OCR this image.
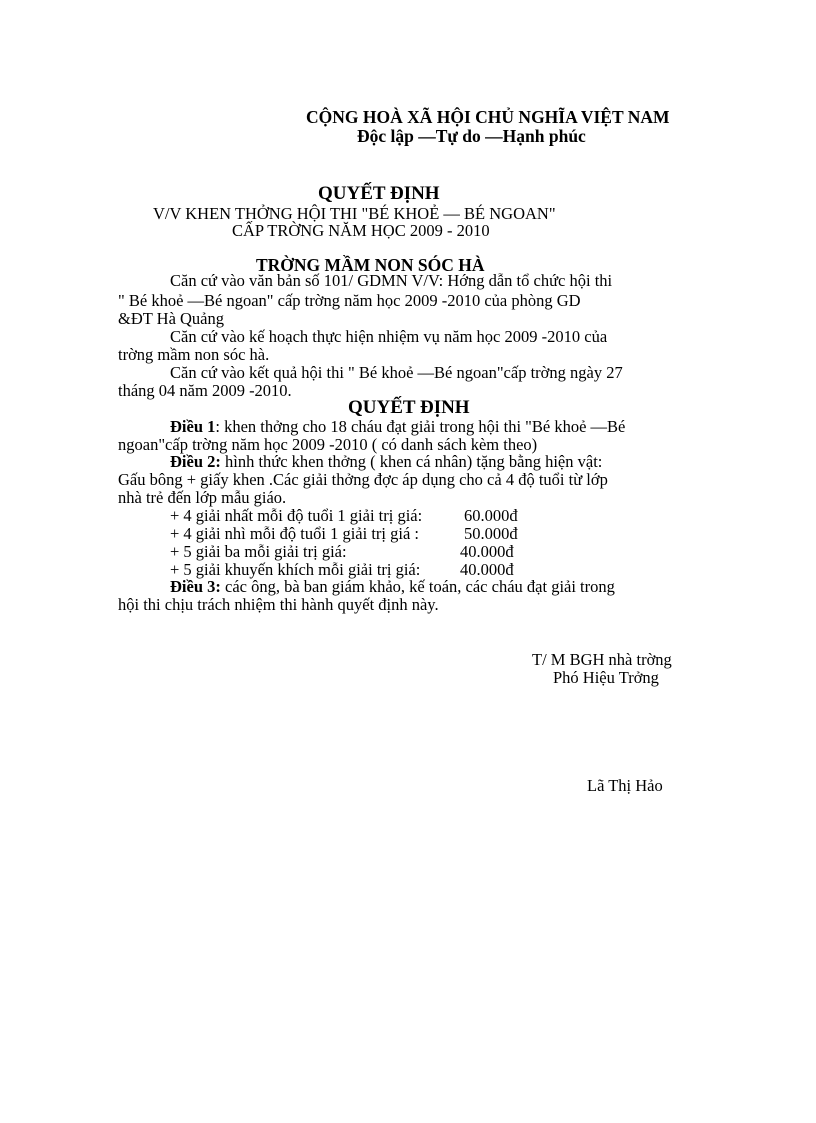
CỘNG HOÀ XÃ HỘI CHỦ NGHĨA VIỆT NAM
Độc lập —Tự do —Hạnh phúc
QUYẾT ĐỊNH
V/V KHEN THỞNG HỘI THI "BÉ KHOẺ — BÉ NGOAN"
CẤP TRỜNG NĂM HỌC 2009 - 2010
TRỜNG MẦM NON SÓC HÀ
Căn cứ vào văn bản số 101/ GDMN V/V: Hớng dẫn tổ chức hội thi
" Bé khoẻ —Bé ngoan" cấp trờng năm học 2009 -2010 của phòng GD
&ĐT Hà Quảng
Căn cứ vào kế hoạch thực hiện nhiệm vụ năm học 2009 -2010 của
trờng mầm non sóc hà.
Căn cứ vào kết quả hội thi " Bé khoẻ —Bé ngoan"cấp trờng ngày 27
tháng 04 năm 2009 -2010.
QUYẾT ĐỊNH
Điều 1: khen thởng cho 18 cháu đạt giải trong hội thi "Bé khoẻ —Bé
ngoan"cấp trờng năm học 2009 -2010 ( có danh sách kèm theo)
Điều 2: hình thức khen thởng ( khen cá nhân) tặng bằng hiện vật:
Gấu bông + giấy khen .Các giải thởng đợc áp dụng cho cả 4 độ tuổi từ lớp
nhà trẻ đến lớp mẫu giáo.
+ 4 giải nhất mỗi độ tuổi 1 giải trị giá:	60.000đ
+ 4 giải nhì mỗi độ tuổi 1 giải trị giá :	50.000đ
+ 5 giải ba mỗi giải trị giá:	40.000đ
+ 5 giải khuyến khích mỗi giải trị giá: 40.000đ
Điều 3: các ông, bà ban giám khảo, kế toán, các cháu đạt giải trong
hội thi chịu trách nhiệm thi hành quyết định này.
T/ M BGH nhà trờng
Phó Hiệu Trởng
Lã Thị Hảo
